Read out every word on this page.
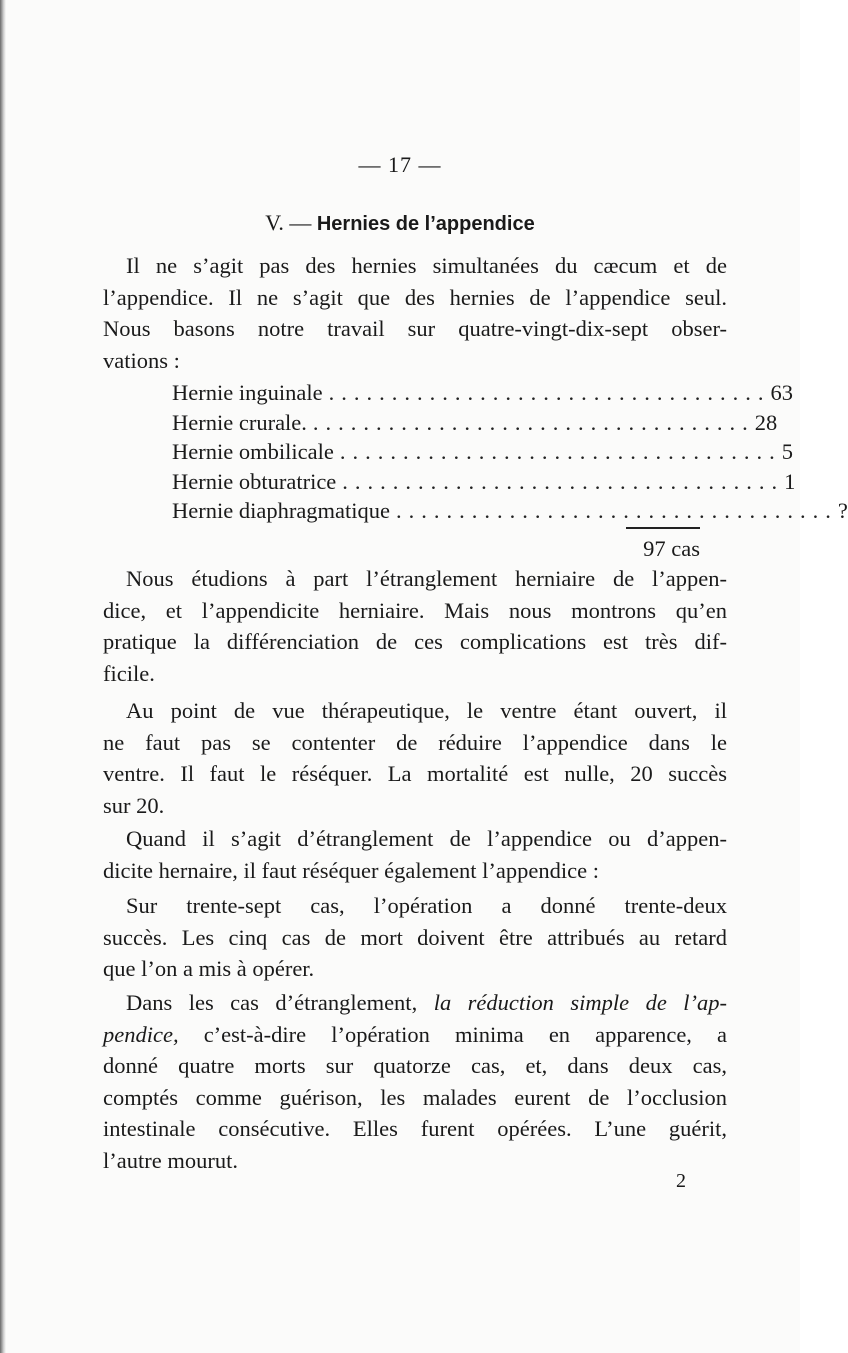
— 17 —
V. — Hernies de l’appendice
Il ne s’agit pas des hernies simultanées du cæcum et de
l’appendice. Il ne s’agit que des hernies de l’appendice seul.
Nous basons notre travail sur quatre-vingt-dix-sept obser-
vations :
Hernie inguinale ................................... 63
Hernie crurale. ................................... 28
Hernie ombilicale ................................... 5
Hernie obturatrice ................................... 1
Hernie diaphragmatique ................................... ?
97 cas
Nous étudions à part l’étranglement herniaire de l’appen-
dice, et l’appendicite herniaire. Mais nous montrons qu’en
pratique la différenciation de ces complications est très dif-
ficile.
Au point de vue thérapeutique, le ventre étant ouvert, il
ne faut pas se contenter de réduire l’appendice dans le
ventre. Il faut le réséquer. La mortalité est nulle, 20 succès
sur 20.
Quand il s’agit d’étranglement de l’appendice ou d’appen-
dicite hernaire, il faut réséquer également l’appendice :
Sur trente-sept cas, l’opération a donné trente-deux
succès. Les cinq cas de mort doivent être attribués au retard
que l’on a mis à opérer.
Dans les cas d’étranglement, la réduction simple de l’ap-
pendice, c’est-à-dire l’opération minima en apparence, a
donné quatre morts sur quatorze cas, et, dans deux cas,
comptés comme guérison, les malades eurent de l’occlusion
intestinale consécutive. Elles furent opérées. L’une guérit,
l’autre mourut.
2
